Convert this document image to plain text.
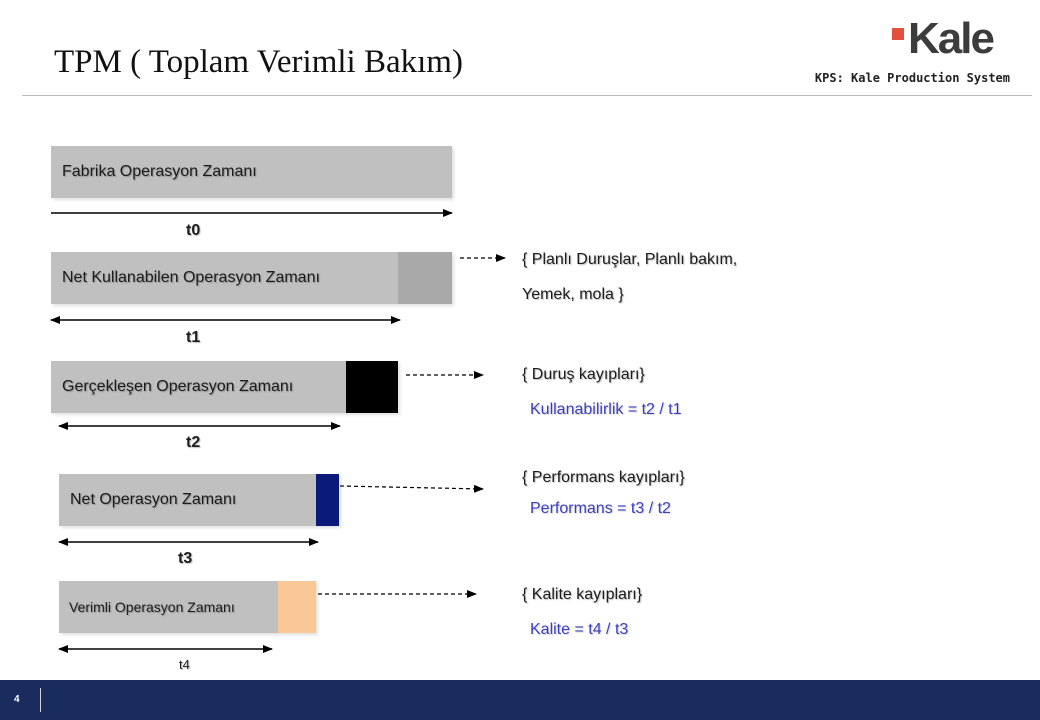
TPM ( Toplam Verimli Bakım)	Kale
KPS: Kale Production System
Fabrika Operasyon Zamanı
t0
Net Kullanabilen Operasyon Zamanı
t1
{ Planlı Duruşlar, Planlı bakım,
Yemek, mola }
Gerçekleşen Operasyon Zamanı
t2
{ Duruş kayıpları}
Kullanabilirlik = t2 / t1
Net Operasyon Zamanı
t3
{ Performans kayıpları}
Performans = t3 / t2
Verimli Operasyon Zamanı
t4
{ Kalite kayıpları}
Kalite = t4 / t3
4
